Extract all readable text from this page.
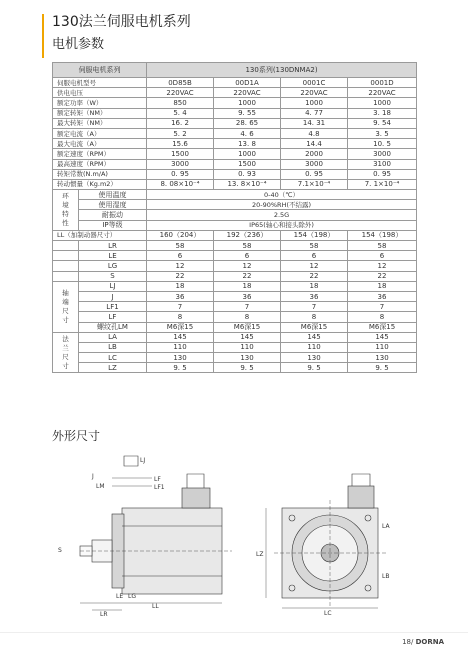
130法兰伺服电机系列
电机参数
伺服电机系列		130系列(130DNMA2)			
伺服电机型号		0D85B	00D1A	0001C	0001D
供电电压		220VAC	220VAC	220VAC	220VAC
额定功率（W）		850	1000	1000	1000
额定转矩（NM）		5. 4	9. 55	4. 77	3. 18
最大转矩（NM）		16. 2	28. 65	14. 31	9. 54
额定电流（A）		5. 2	4. 6	4.8	3. 5
最大电流（A）		15.6	13. 8	14.4	10. 5
额定速度（RPM）		1500	1000	2000	3000
最高速度（RPM）		3000	1500	3000	3100
转矩常数(N.m/A)		0. 95	0. 93	0. 95	0. 95
转动惯量（Kg.m2）		8. 08×10⁻⁴	13. 8×10⁻⁴	7.1×10⁻⁴	7. 1×10⁻⁴
环
境
特
性	使用温度	0-40（℃）			
	使用湿度	20-90%RH(不结露)			
	耐振动	2.5G			
	IP等级	IP65(轴心和接头除外)			
LL（加制动器尺寸）		160（204）	192（236）	154（198）	154（198）
	LR	58	58	58	58
	LE	6	6	6	6
	LG	12	12	12	12
	S	22	22	22	22
轴
端
尺
寸	LJ	18	18	18	18
	J	36	36	36	36
	LF1	7	7	7	7
	LF	8	8	8	8
	螺纹孔LM	M6深15	M6深15	M6深15	M6深15
法
兰
尺
寸	LA	145	145	145	145
	LB	110	110	110	110
	LC	130	130	130	130
	LZ	9. 5	9. 5	9. 5	9. 5
外形尺寸
LL
LR
LE LG
S
LJ
LF
LF1
J
LM
LC
LZ
LA
LB
18/ DORNA
